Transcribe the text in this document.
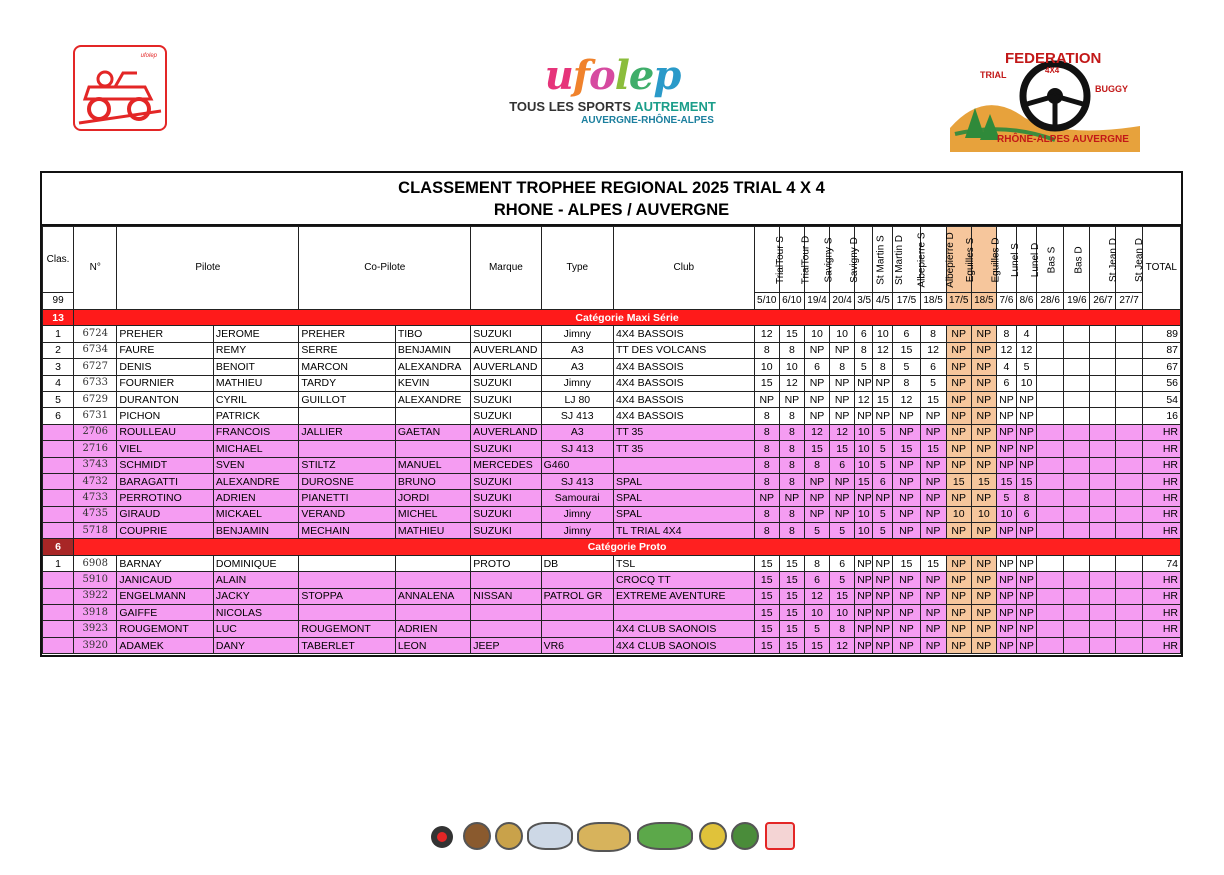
ufolep	ufolep
TOUS LES SPORTS AUTREMENT
AUVERGNE-RHÔNE-ALPES
FEDERATION
TRIAL	4X4
BUGGY
RHÔNE-ALPES AUVERGNE
CLASSEMENT TROPHEE REGIONAL 2025 TRIAL 4 X 4
RHONE - ALPES / AUVERGNE
Clas.	N°	Pilote		Co-Pilote		Marque	Type	Club	TrialTour S	TrialTour D	Savigny S	Savigny D	St Martin S	St Martin D	Albepierre S	Albepierre D	Eguilles S	Eguilles D	Lunel S	Lunel D	Bas S	Bas D	St Jean D	St Jean D	TOTAL
99									5/10	6/10	19/4	20/4	3/5	4/5	17/5	18/5	17/5	18/5	7/6	8/6	28/6	19/6	26/7	27/7	
13	Catégorie Maxi Série																								
1	6724	PREHER	JEROME	PREHER	TIBO	SUZUKI	Jimny	4X4 BASSOIS	12	15	10	10	6	10	6	8	NP	NP	8	4					89
2	6734	FAURE	REMY	SERRE	BENJAMIN	AUVERLAND	A3	TT DES VOLCANS	8	8	NP	NP	8	12	15	12	NP	NP	12	12					87
3	6727	DENIS	BENOIT	MARCON	ALEXANDRA	AUVERLAND	A3	4X4 BASSOIS	10	10	6	8	5	8	5	6	NP	NP	4	5					67
4	6733	FOURNIER	MATHIEU	TARDY	KEVIN	SUZUKI	Jimny	4X4 BASSOIS	15	12	NP	NP	NP	NP	8	5	NP	NP	6	10					56
5	6729	DURANTON	CYRIL	GUILLOT	ALEXANDRE	SUZUKI	LJ 80	4X4 BASSOIS	NP	NP	NP	NP	12	15	12	15	NP	NP	NP	NP					54
6	6731	PICHON	PATRICK			SUZUKI	SJ 413	4X4 BASSOIS	8	8	NP	NP	NP	NP	NP	NP	NP	NP	NP	NP					16
	2706	ROULLEAU	FRANCOIS	JALLIER	GAETAN	AUVERLAND	A3	TT 35	8	8	12	12	10	5	NP	NP	NP	NP	NP	NP					HR
	2716	VIEL	MICHAEL			SUZUKI	SJ 413	TT 35	8	8	15	15	10	5	15	15	NP	NP	NP	NP					HR
	3743	SCHMIDT	SVEN	STILTZ	MANUEL	MERCEDES	G460		8	8	8	6	10	5	NP	NP	NP	NP	NP	NP					HR
	4732	BARAGATTI	ALEXANDRE	DUROSNE	BRUNO	SUZUKI	SJ 413	SPAL	8	8	NP	NP	15	6	NP	NP	15	15	15	15					HR
	4733	PERROTINO	ADRIEN	PIANETTI	JORDI	SUZUKI	Samourai	SPAL	NP	NP	NP	NP	NP	NP	NP	NP	NP	NP	5	8					HR
	4735	GIRAUD	MICKAEL	VERAND	MICHEL	SUZUKI	Jimny	SPAL	8	8	NP	NP	10	5	NP	NP	10	10	10	6					HR
	5718	COUPRIE	BENJAMIN	MECHAIN	MATHIEU	SUZUKI	Jimny	TL TRIAL 4X4	8	8	5	5	10	5	NP	NP	NP	NP	NP	NP					HR
6	Catégorie Proto																								
1	6908	BARNAY	DOMINIQUE			PROTO	DB	TSL	15	15	8	6	NP	NP	15	15	NP	NP	NP	NP					74
	5910	JANICAUD	ALAIN					CROCQ TT	15	15	6	5	NP	NP	NP	NP	NP	NP	NP	NP					HR
	3922	ENGELMANN	JACKY	STOPPA	ANNALENA	NISSAN	PATROL GR	EXTREME AVENTURE	15	15	12	15	NP	NP	NP	NP	NP	NP	NP	NP					HR
	3918	GAIFFE	NICOLAS						15	15	10	10	NP	NP	NP	NP	NP	NP	NP	NP					HR
	3923	ROUGEMONT	LUC	ROUGEMONT	ADRIEN			4X4 CLUB SAONOIS	15	15	5	8	NP	NP	NP	NP	NP	NP	NP	NP					HR
	3920	ADAMEK	DANY	TABERLET	LEON	JEEP	VR6	4X4 CLUB SAONOIS	15	15	15	12	NP	NP	NP	NP	NP	NP	NP	NP					HR
